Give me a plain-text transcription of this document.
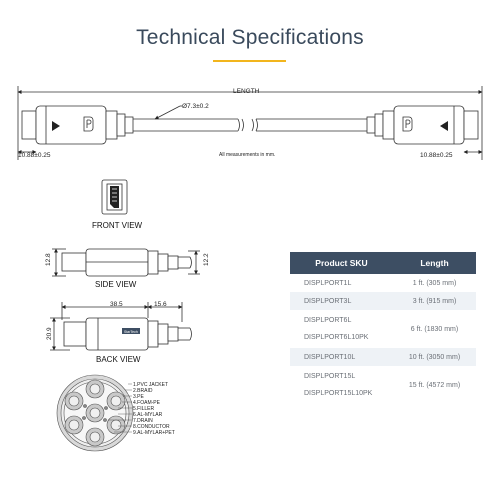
Technical Specifications
LENGTH
Ø7.3±0.2
10.88±0.25	10.88±0.25
All measurements in mm.
FRONT VIEW
12.8	12.2
SIDE VIEW
StarTech
38.5	15.6
20.9
BACK VIEW
1.PVC JACKET
2.BRAID
3.PE
4.FOAM-PE
5.FILLER
6.AL-MYLAR
7.DRAIN
8.CONDUCTOR
9.AL-MYLAR+PET
Product SKU	Length
DISPLPORT1L	1 ft. (305 mm)
DISPLPORT3L	3 ft. (915 mm)

DISPLPORT6L
DISPLPORT6L10PK	6 ft. (1830 mm)
DISPLPORT10L	10 ft. (3050 mm)

DISPLPORT15L
DISPLPORT15L10PK	15 ft. (4572 mm)
